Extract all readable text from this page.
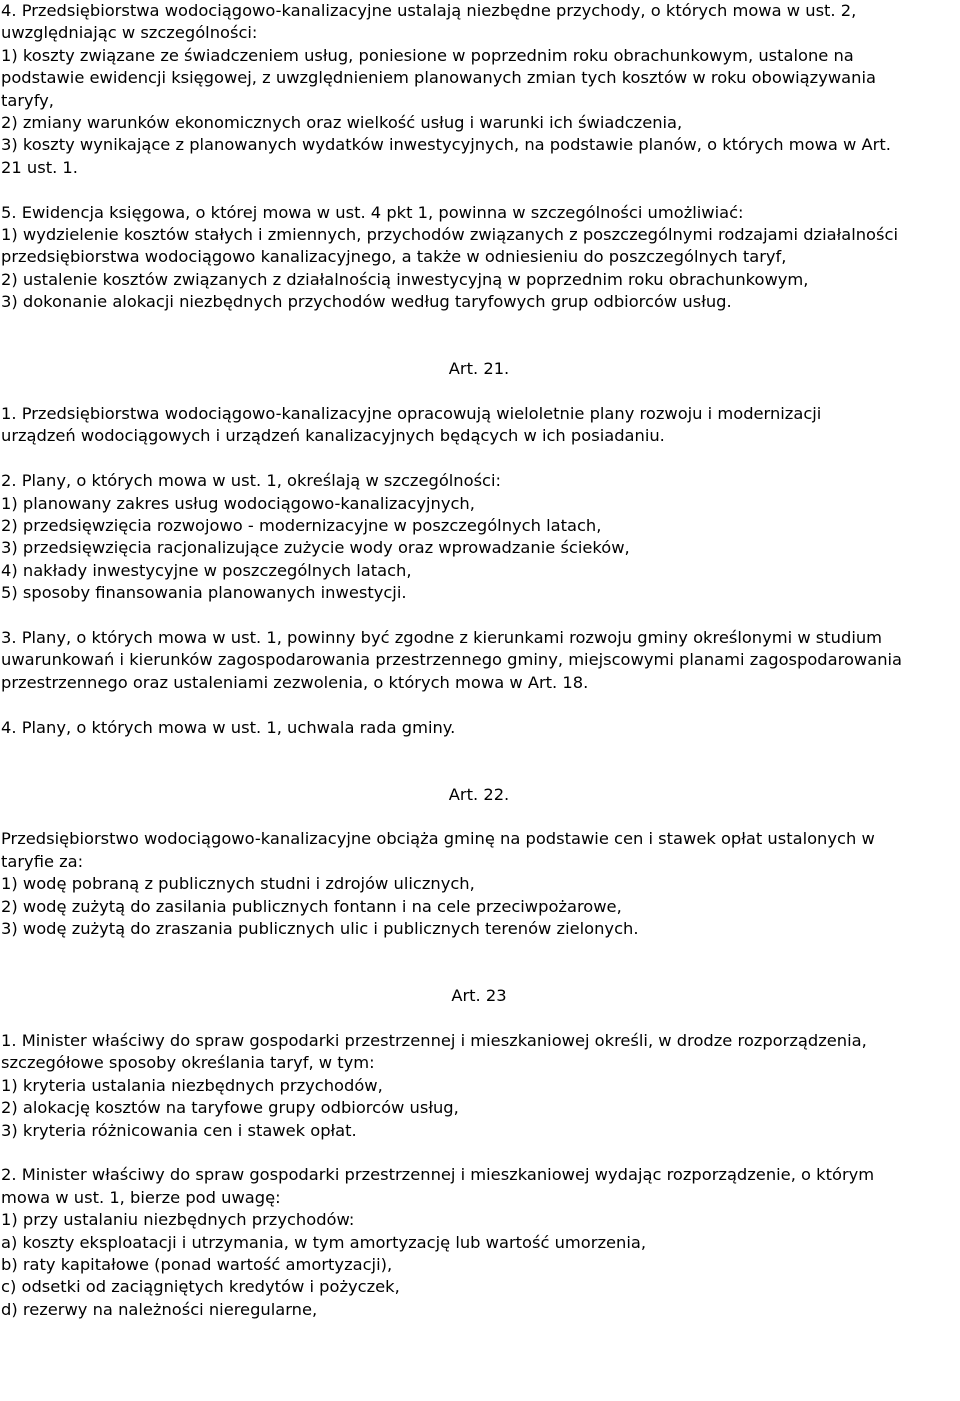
4. Przedsiębiorstwa wodociągowo-kanalizacyjne ustalają niezbędne przychody, o których mowa w ust. 2,
uwzględniając w szczególności:
1) koszty związane ze świadczeniem usług, poniesione w poprzednim roku obrachunkowym, ustalone na
podstawie ewidencji księgowej, z uwzględnieniem planowanych zmian tych kosztów w roku obowiązywania
taryfy,
2) zmiany warunków ekonomicznych oraz wielkość usług i warunki ich świadczenia,
3) koszty wynikające z planowanych wydatków inwestycyjnych, na podstawie planów, o których mowa w Art.
21 ust. 1.
5. Ewidencja księgowa, o której mowa w ust. 4 pkt 1, powinna w szczególności umożliwiać:
1) wydzielenie kosztów stałych i zmiennych, przychodów związanych z poszczególnymi rodzajami działalności
przedsiębiorstwa wodociągowo kanalizacyjnego, a także w odniesieniu do poszczególnych taryf,
2) ustalenie kosztów związanych z działalnością inwestycyjną w poprzednim roku obrachunkowym,
3) dokonanie alokacji niezbędnych przychodów według taryfowych grup odbiorców usług.
Art. 21.
1. Przedsiębiorstwa wodociągowo-kanalizacyjne opracowują wieloletnie plany rozwoju i modernizacji
urządzeń wodociągowych i urządzeń kanalizacyjnych będących w ich posiadaniu.
2. Plany, o których mowa w ust. 1, określają w szczególności:
1) planowany zakres usług wodociągowo-kanalizacyjnych,
2) przedsięwzięcia rozwojowo - modernizacyjne w poszczególnych latach,
3) przedsięwzięcia racjonalizujące zużycie wody oraz wprowadzanie ścieków,
4) nakłady inwestycyjne w poszczególnych latach,
5) sposoby finansowania planowanych inwestycji.
3. Plany, o których mowa w ust. 1, powinny być zgodne z kierunkami rozwoju gminy określonymi w studium
uwarunkowań i kierunków zagospodarowania przestrzennego gminy, miejscowymi planami zagospodarowania
przestrzennego oraz ustaleniami zezwolenia, o których mowa w Art. 18.
4. Plany, o których mowa w ust. 1, uchwala rada gminy.
Art. 22.
Przedsiębiorstwo wodociągowo-kanalizacyjne obciąża gminę na podstawie cen i stawek opłat ustalonych w
taryfie za:
1) wodę pobraną z publicznych studni i zdrojów ulicznych,
2) wodę zużytą do zasilania publicznych fontann i na cele przeciwpożarowe,
3) wodę zużytą do zraszania publicznych ulic i publicznych terenów zielonych.
Art. 23
1. Minister właściwy do spraw gospodarki przestrzennej i mieszkaniowej określi, w drodze rozporządzenia,
szczegółowe sposoby określania taryf, w tym:
1) kryteria ustalania niezbędnych przychodów,
2) alokację kosztów na taryfowe grupy odbiorców usług,
3) kryteria różnicowania cen i stawek opłat.
2. Minister właściwy do spraw gospodarki przestrzennej i mieszkaniowej wydając rozporządzenie, o którym
mowa w ust. 1, bierze pod uwagę:
1) przy ustalaniu niezbędnych przychodów:
a) koszty eksploatacji i utrzymania, w tym amortyzację lub wartość umorzenia,
b) raty kapitałowe (ponad wartość amortyzacji),
c) odsetki od zaciągniętych kredytów i pożyczek,
d) rezerwy na należności nieregularne,
